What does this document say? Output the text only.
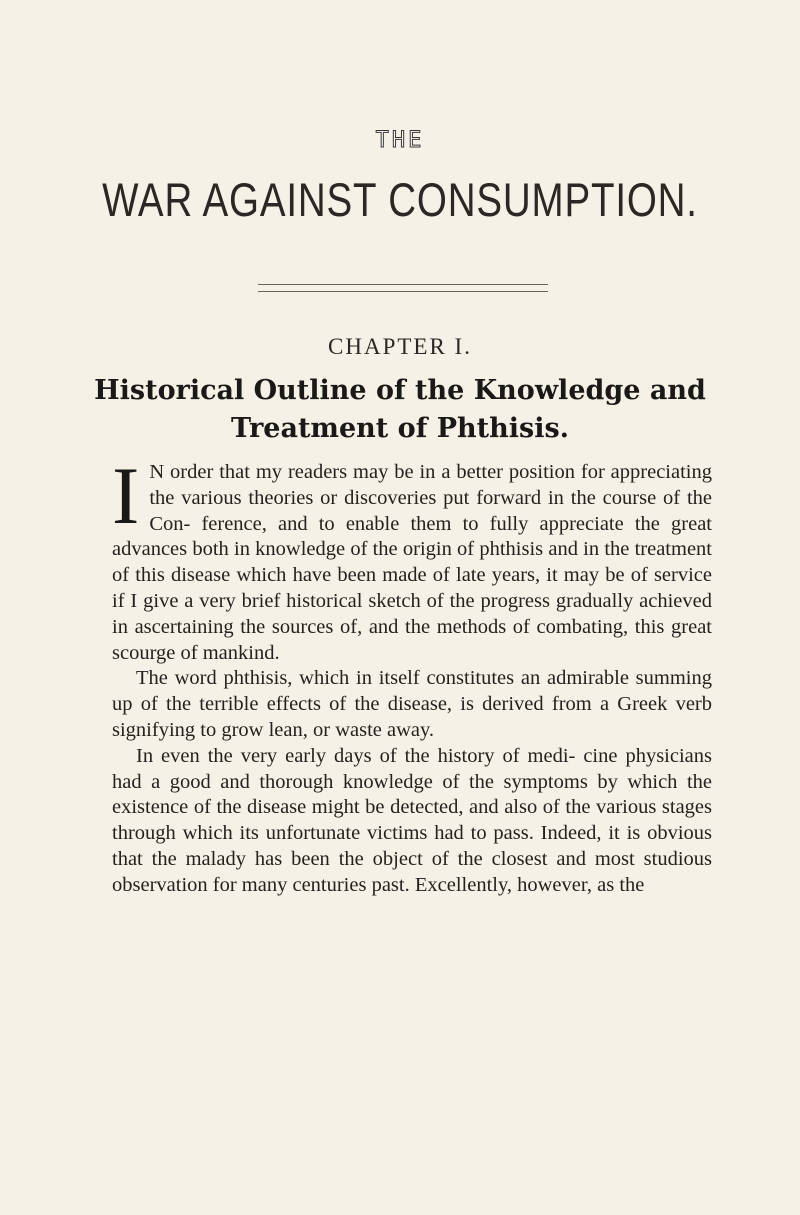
THE
WAR AGAINST CONSUMPTION.
CHAPTER I.
Historical Outline of the Knowledge and
Treatment of Phthisis.

I N order that my readers may be in a better position for appreciating the various theories or discoveries put forward in the course of the Con- ference, and to enable them to fully appreciate the great advances both in knowledge of the origin of phthisis and in the treatment of this disease which have been made of late years, it may be of service if I give a very brief historical sketch of the progress gradually achieved in ascertaining the sources of, and the methods of combating, this great scourge of mankind.

The word phthisis, which in itself constitutes an admirable summing up of the terrible effects of the disease, is derived from a Greek verb signifying to grow lean, or waste away.

In even the very early days of the history of medi- cine physicians had a good and thorough knowledge of the symptoms by which the existence of the disease might be detected, and also of the various stages through which its unfortunate victims had to pass. Indeed, it is obvious that the malady has been the object of the closest and most studious observation for many centuries past. Excellently, however, as the
